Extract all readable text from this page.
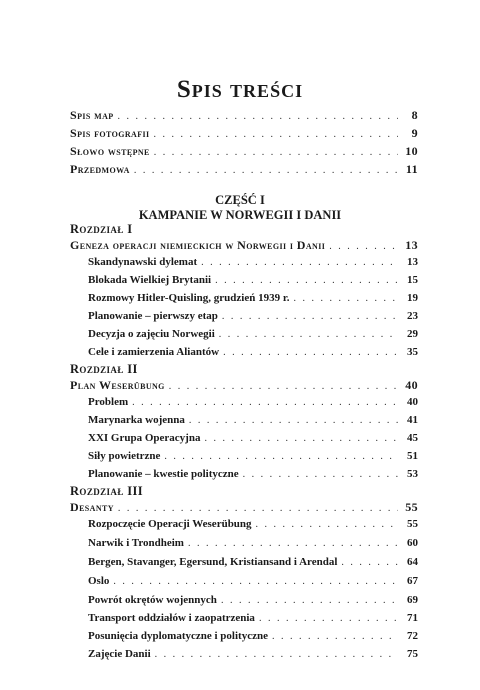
Spis treści
Spis map . . .	8
Spis fotografii . . .	9
Słowo wstępne . . .	10
Przedmowa . . .	11
CZĘŚĆ I
KAMPANIE W NORWEGII I DANII
Rozdział I
Geneza operacji niemieckich w Norwegii i Danii . . .	13
Skandynawski dylemat . . .	13
Blokada Wielkiej Brytanii . . .	15
Rozmowy Hitler-Quisling, grudzień 1939 r. . . .	19
Planowanie – pierwszy etap . . .	23
Decyzja o zajęciu Norwegii . . .	29
Cele i zamierzenia Aliantów . . .	35
Rozdział II
Plan Weserübung . . .	40
Problem . . .	40
Marynarka wojenna . . .	41
XXI Grupa Operacyjna . . .	45
Siły powietrzne . . .	51
Planowanie – kwestie polityczne . . .	53
Rozdział III
Desanty . . .	55
Rozpoczęcie Operacji Weserübung . . .	55
Narwik i Trondheim . . .	60
Bergen, Stavanger, Egersund, Kristiansand i Arendal . . .	64
Oslo . . .	67
Powrót okrętów wojennych . . .	69
Transport oddziałów i zaopatrzenia . . .	71
Posunięcia dyplomatyczne i polityczne . . .	72
Zajęcie Danii . . .	75
